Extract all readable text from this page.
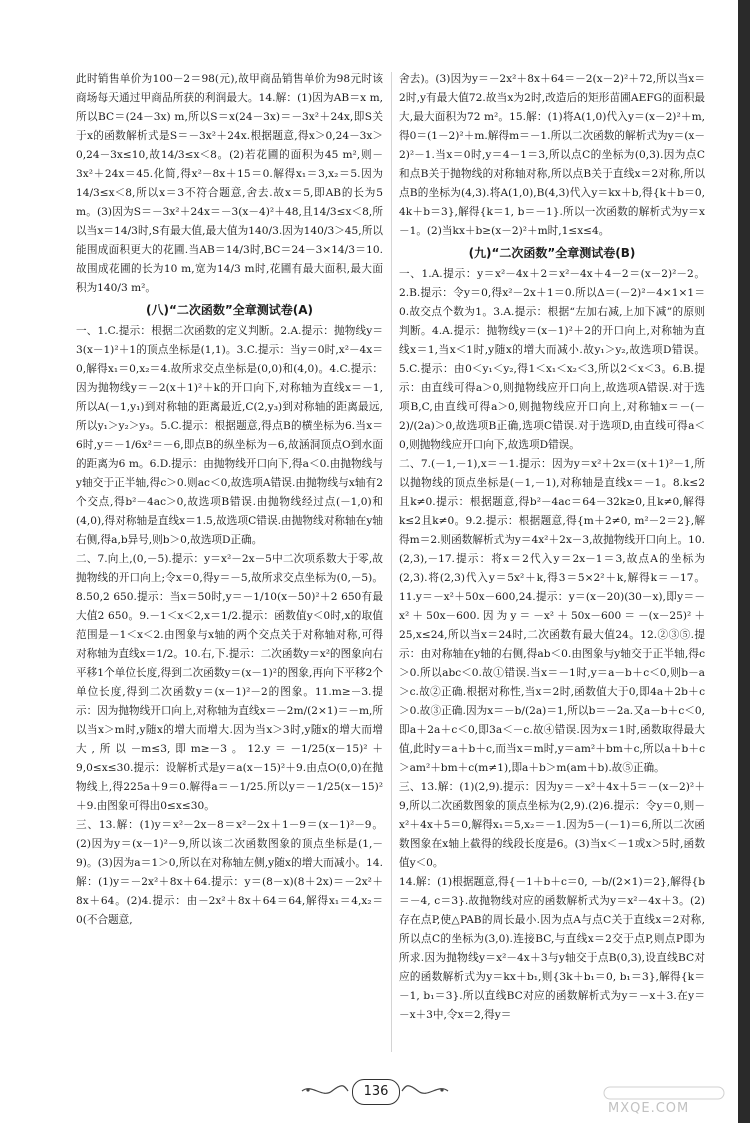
此时销售单价为100－2＝98(元),故甲商品销售单价为98元时该商场每天通过甲商品所获的利润最大。14.解：(1)因为AB＝x m,所以BC＝(24－3x) m,所以S＝x(24－3x)＝－3x²＋24x,即S关于x的函数解析式是S＝－3x²＋24x.根据题意,得x＞0,24－3x＞0,24－3x≤10,故14/3≤x＜8。(2)若花圃的面积为45 m²,则－3x²＋24x＝45.化简,得x²－8x＋15＝0.解得x₁＝3,x₂＝5.因为14/3≤x＜8,所以x＝3不符合题意,舍去.故x＝5,即AB的长为5 m。(3)因为S＝－3x²＋24x＝－3(x－4)²＋48,且14/3≤x＜8,所以当x＝14/3时,S有最大值,最大值为140/3.因为140/3＞45,所以能围成面积更大的花圃.当AB＝14/3时,BC＝24－3×14/3＝10.故围成花圃的长为10 m,宽为14/3 m时,花圃有最大面积,最大面积为140/3 m²。

(八)“二次函数”全章测试卷(A)

一、1.C.提示：根据二次函数的定义判断。2.A.提示：抛物线y＝3(x－1)²＋1的顶点坐标是(1,1)。3.C.提示：当y＝0时,x²－4x＝0,解得x₁＝0,x₂＝4.故所求交点坐标是(0,0)和(4,0)。4.C.提示：因为抛物线y＝－2(x＋1)²＋k的开口向下,对称轴为直线x＝－1,所以A(－1,y₁)到对称轴的距离最近,C(2,y₃)到对称轴的距离最远,所以y₁＞y₂＞y₃。5.C.提示：根据题意,得点B的横坐标为6.当x＝6时,y＝－1/6x²＝－6,即点B的纵坐标为－6,故涵洞顶点O到水面的距离为6 m。6.D.提示：由抛物线开口向下,得a＜0.由抛物线与y轴交于正半轴,得c＞0.则ac＜0,故选项A错误.由抛物线与x轴有2个交点,得b²－4ac＞0,故选项B错误.由抛物线经过点(－1,0)和(4,0),得对称轴是直线x＝1.5,故选项C错误.由抛物线对称轴在y轴右侧,得a,b异号,则b＞0,故选项D正确。

二、7.向上,(0,－5).提示：y＝x²－2x－5中二次项系数大于零,故抛物线的开口向上;令x＝0,得y＝－5,故所求交点坐标为(0,－5)。8.50,2 650.提示：当x＝50时,y＝－1/10(x－50)²＋2 650有最大值2 650。9.－1＜x＜2,x＝1/2.提示：函数值y＜0时,x的取值范围是－1＜x＜2.由图象与x轴的两个交点关于对称轴对称,可得对称轴为直线x＝1/2。10.右,下.提示：二次函数y＝x²的图象向右平移1个单位长度,得到二次函数y＝(x－1)²的图象,再向下平移2个单位长度,得到二次函数y＝(x－1)²－2的图象。11.m≥－3.提示：因为抛物线开口向上,对称轴为直线x＝－2m/(2×1)＝－m,所以当x＞m时,y随x的增大而增大.因为当x＞3时,y随x的增大而增大,所以－m≤3,即m≥－3。12.y＝－1/25(x－15)²＋9,0≤x≤30.提示：设解析式是y＝a(x－15)²＋9.由点O(0,0)在抛物线上,得225a＋9＝0.解得a＝－1/25.所以y＝－1/25(x－15)²＋9.由图象可得出0≤x≤30。

三、13.解：(1)y＝x²－2x－8＝x²－2x＋1－9＝(x－1)²－9。(2)因为y＝(x－1)²－9,所以该二次函数图象的顶点坐标是(1,－9)。(3)因为a＝1＞0,所以在对称轴左侧,y随x的增大而减小。14.解：(1)y＝－2x²＋8x＋64.提示：y＝(8－x)(8＋2x)＝－2x²＋8x＋64。(2)4.提示：由－2x²＋8x＋64＝64,解得x₁＝4,x₂＝0(不合题意,

舍去)。(3)因为y＝－2x²＋8x＋64＝－2(x－2)²＋72,所以当x＝2时,y有最大值72.故当x为2时,改造后的矩形苗圃AEFG的面积最大,最大面积为72 m²。15.解：(1)将A(1,0)代入y＝(x－2)²＋m,得0＝(1－2)²＋m.解得m＝－1.所以二次函数的解析式为y＝(x－2)²－1.当x＝0时,y＝4－1＝3,所以点C的坐标为(0,3).因为点C和点B关于抛物线的对称轴对称,所以点B关于直线x＝2对称,所以点B的坐标为(4,3).将A(1,0),B(4,3)代入y＝kx＋b,得{k＋b＝0, 4k＋b＝3},解得{k＝1, b＝－1}.所以一次函数的解析式为y＝x－1。(2)当kx＋b≥(x－2)²＋m时,1≤x≤4。

(九)“二次函数”全章测试卷(B)

一、1.A.提示：y＝x²－4x＋2＝x²－4x＋4－2＝(x－2)²－2。2.B.提示：令y＝0,得x²－2x＋1＝0.所以Δ＝(－2)²－4×1×1＝0.故交点个数为1。3.A.提示：根据“左加右减,上加下减”的原则判断。4.A.提示：抛物线y＝(x－1)²＋2的开口向上,对称轴为直线x＝1,当x＜1时,y随x的增大而减小.故y₁＞y₂,故选项D错误。5.C.提示：由0＜y₁＜y₂,得1＜x₁＜x₂＜3,所以2＜x＜3。6.B.提示：由直线可得a＞0,则抛物线应开口向上,故选项A错误.对于选项B,C,由直线可得a＞0,则抛物线应开口向上,对称轴x＝－(－2)/(2a)＞0,故选项B正确,选项C错误.对于选项D,由直线可得a＜0,则抛物线应开口向下,故选项D错误。

二、7.(－1,－1),x＝－1.提示：因为y＝x²＋2x＝(x＋1)²－1,所以抛物线的顶点坐标是(－1,－1),对称轴是直线x＝－1。8.k≤2且k≠0.提示：根据题意,得b²－4ac＝64－32k≥0,且k≠0,解得k≤2且k≠0。9.2.提示：根据题意,得{m＋2≠0, m²－2＝2},解得m＝2.则函数解析式为y＝4x²＋2x－3,故抛物线开口向上。10.(2,3),－17.提示：将x＝2代入y＝2x－1＝3,故点A的坐标为(2,3).将(2,3)代入y＝5x²＋k,得3＝5×2²＋k,解得k＝－17。11.y＝－x²＋50x－600,24.提示：y＝(x－20)(30－x),即y＝－x²＋50x－600.因为y＝－x²＋50x－600＝－(x－25)²＋25,x≤24,所以当x＝24时,二次函数有最大值24。12.②③⑤.提示：由对称轴在y轴的右侧,得ab＜0.由图象与y轴交于正半轴,得c＞0.所以abc＜0.故①错误.当x＝－1时,y＝a－b＋c＜0,则b－a＞c.故②正确.根据对称性,当x＝2时,函数值大于0,即4a＋2b＋c＞0.故③正确.因为x＝－b/(2a)＝1,所以b＝－2a.又a－b＋c＜0,即a＋2a＋c＜0,即3a＜－c.故④错误.因为x＝1时,函数取得最大值,此时y＝a＋b＋c,而当x＝m时,y＝am²＋bm＋c,所以a＋b＋c＞am²＋bm＋c(m≠1),即a＋b＞m(am＋b).故⑤正确。

三、13.解：(1)(2,9).提示：因为y＝－x²＋4x＋5＝－(x－2)²＋9,所以二次函数图象的顶点坐标为(2,9).(2)6.提示：令y＝0,则－x²＋4x＋5＝0,解得x₁＝5,x₂＝－1.因为5－(－1)＝6,所以二次函数图象在x轴上截得的线段长度是6。(3)当x＜－1或x＞5时,函数值y＜0。

14.解：(1)根据题意,得{－1＋b＋c＝0, －b/(2×1)＝2},解得{b＝－4, c＝3}.故抛物线对应的函数解析式为y＝x²－4x＋3。(2)存在点P,使△PAB的周长最小.因为点A与点C关于直线x＝2对称,所以点C的坐标为(3,0).连接BC,与直线x＝2交于点P,则点P即为所求.因为抛物线y＝x²－4x＋3与y轴交于点B(0,3),设直线BC对应的函数解析式为y＝kx＋b₁,则{3k＋b₁＝0, b₁＝3},解得{k＝－1, b₁＝3}.所以直线BC对应的函数解析式为y＝－x＋3.在y＝－x＋3中,令x＝2,得y＝

136
MXQE.COM
